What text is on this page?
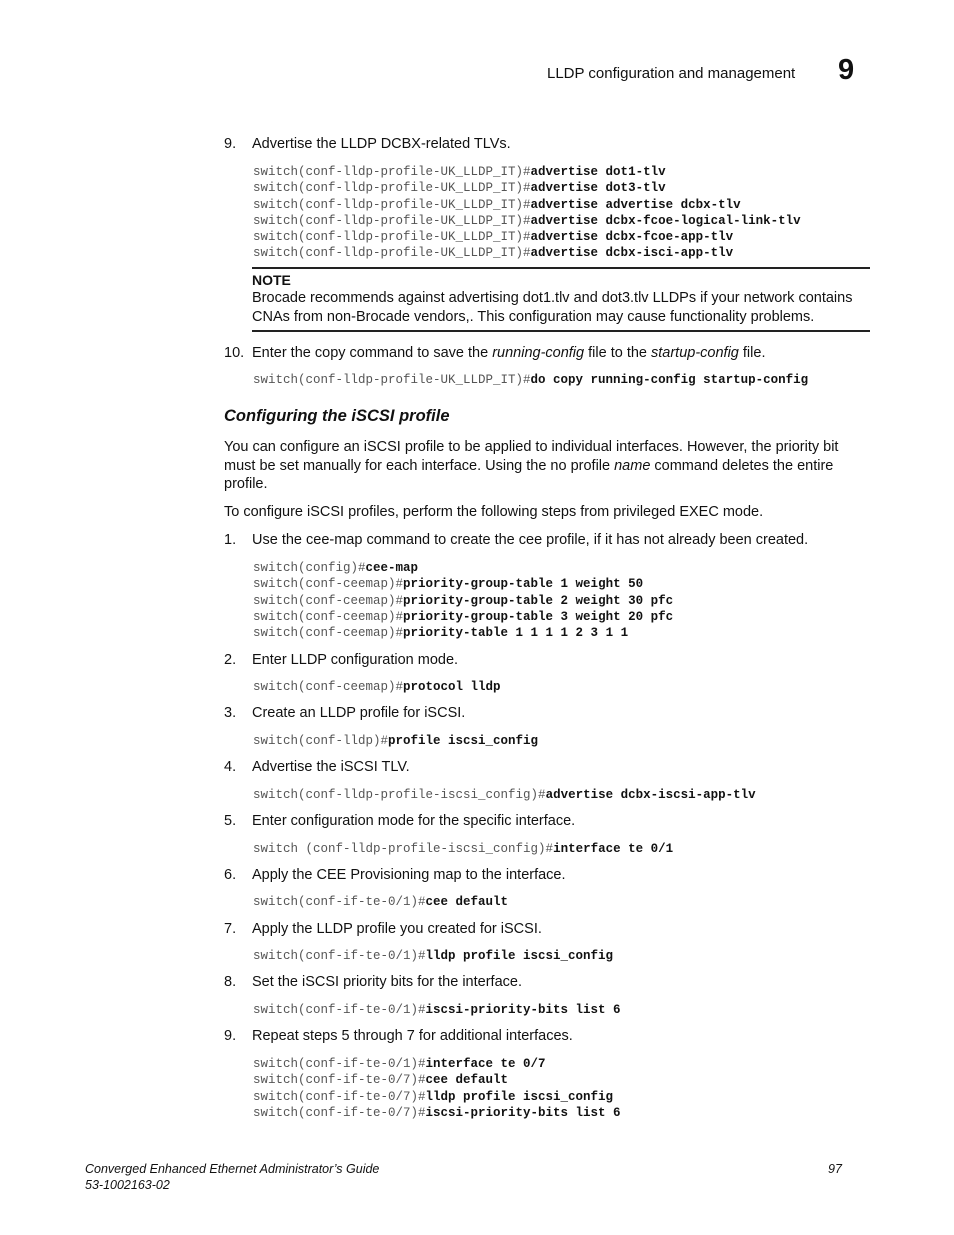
LLDP configuration and management 9
9. Advertise the LLDP DCBX-related TLVs.
switch(conf-lldp-profile-UK_LLDP_IT)#advertise dot1-tlv
switch(conf-lldp-profile-UK_LLDP_IT)#advertise dot3-tlv
switch(conf-lldp-profile-UK_LLDP_IT)#advertise advertise dcbx-tlv
switch(conf-lldp-profile-UK_LLDP_IT)#advertise dcbx-fcoe-logical-link-tlv
switch(conf-lldp-profile-UK_LLDP_IT)#advertise dcbx-fcoe-app-tlv
switch(conf-lldp-profile-UK_LLDP_IT)#advertise dcbx-isci-app-tlv
NOTE
Brocade recommends against advertising dot1.tlv and dot3.tlv LLDPs if your network contains CNAs from non-Brocade vendors,. This configuration may cause functionality problems.
10. Enter the copy command to save the running-config file to the startup-config file.
switch(conf-lldp-profile-UK_LLDP_IT)#do copy running-config startup-config
Configuring the iSCSI profile
You can configure an iSCSI profile to be applied to individual interfaces. However, the priority bit must be set manually for each interface. Using the no profile name command deletes the entire profile.
To configure iSCSI profiles, perform the following steps from privileged EXEC mode.
1. Use the cee-map command to create the cee profile, if it has not already been created.
switch(config)#cee-map
switch(conf-ceemap)#priority-group-table 1 weight 50
switch(conf-ceemap)#priority-group-table 2 weight 30 pfc
switch(conf-ceemap)#priority-group-table 3 weight 20 pfc
switch(conf-ceemap)#priority-table 1 1 1 1 2 3 1 1
2. Enter LLDP configuration mode.
switch(conf-ceemap)#protocol lldp
3. Create an LLDP profile for iSCSI.
switch(conf-lldp)#profile iscsi_config
4. Advertise the iSCSI TLV.
switch(conf-lldp-profile-iscsi_config)#advertise dcbx-iscsi-app-tlv
5. Enter configuration mode for the specific interface.
switch (conf-lldp-profile-iscsi_config)#interface te 0/1
6. Apply the CEE Provisioning map to the interface.
switch(conf-if-te-0/1)#cee default
7. Apply the LLDP profile you created for iSCSI.
switch(conf-if-te-0/1)#lldp profile iscsi_config
8. Set the iSCSI priority bits for the interface.
switch(conf-if-te-0/1)#iscsi-priority-bits list 6
9. Repeat steps 5 through 7 for additional interfaces.
switch(conf-if-te-0/1)#interface te 0/7
switch(conf-if-te-0/7)#cee default
switch(conf-if-te-0/7)#lldp profile iscsi_config
switch(conf-if-te-0/7)#iscsi-priority-bits list 6
Converged Enhanced Ethernet Administrator’s Guide
53-1002163-02
97
